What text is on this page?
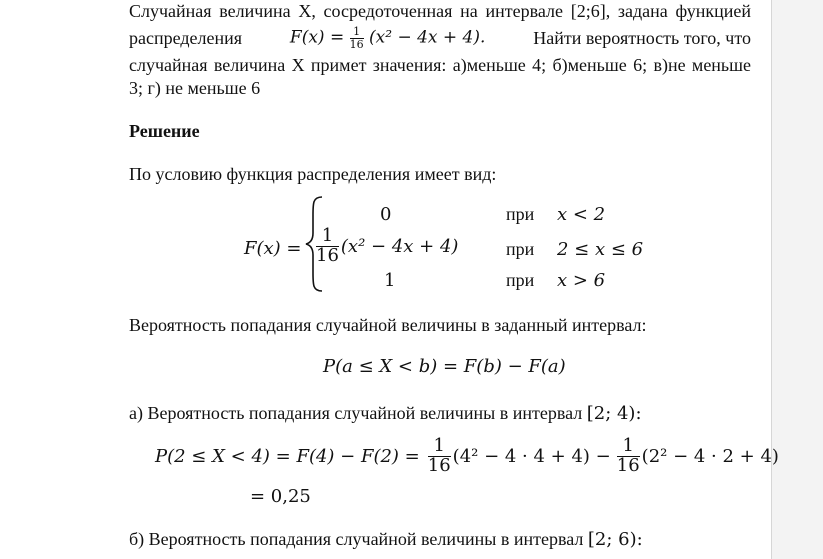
Случайная величина X, сосредоточенная на интервале [2;6], задана функцией
распределения	$F(x) = \frac{1}{16} (x^2 - 4x + 4)$.	Найти вероятность того, что
случайная величина X примет значения: а)меньше 4; б)меньше 6; в)не меньше
3; г) не меньше 6
Решение
По условию функция распределения имеет вид:
F(x) =
0	при x < 2
$\frac{1}{16} (x^2 - 4x + 4)$	при 2 ≤ x ≤ 6
1	при x > 6
Вероятность попадания случайной величины в заданный интервал:
P(a ≤ X < b) = F(b) − F(a)
а) Вероятность попадания случайной величины в интервал [2; 4):
$P(2 \le X < 4) = F(4) - F(2) = \frac{1}{16} (4^2 - 4 \cdot 4 + 4) - \frac{1}{16} (2^2 - 4 \cdot 2 + 4)$
= 0,25
б) Вероятность попадания случайной величины в интервал [2; 6):
